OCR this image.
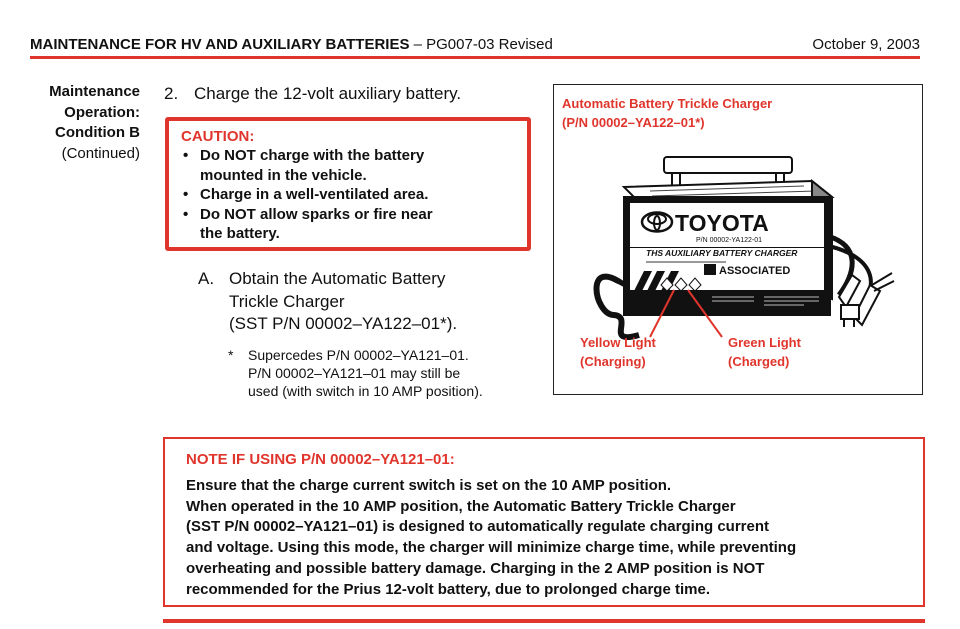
MAINTENANCE FOR HV AND AUXILIARY BATTERIES – PG007-03 Revised	October 9, 2003
Maintenance
Operation:
Condition B
(Continued)
2. Charge the 12-volt auxiliary battery.
CAUTION:
• Do NOT charge with the battery
mounted in the vehicle.
• Charge in a well-ventilated area.
• Do NOT allow sparks or fire near
the battery.
A. Obtain the Automatic Battery
Trickle Charger
(SST P/N 00002–YA122–01*).
* Supercedes P/N 00002–YA121–01.
P/N 00002–YA121–01 may still be
used (with switch in 10 AMP position).
TOYOTA
P/N 00002-YA122-01
THS AUXILIARY BATTERY CHARGER
ASSOCIATED
Automatic Battery Trickle Charger
(P/N 00002–YA122–01*)
Yellow Light
(Charging)
Green Light
(Charged)
NOTE IF USING P/N 00002–YA121–01:
Ensure that the charge current switch is set on the 10 AMP position.
When operated in the 10 AMP position, the Automatic Battery Trickle Charger
(SST P/N 00002–YA121–01) is designed to automatically regulate charging current
and voltage. Using this mode, the charger will minimize charge time, while preventing
overheating and possible battery damage. Charging in the 2 AMP position is NOT
recommended for the Prius 12-volt battery, due to prolonged charge time.
